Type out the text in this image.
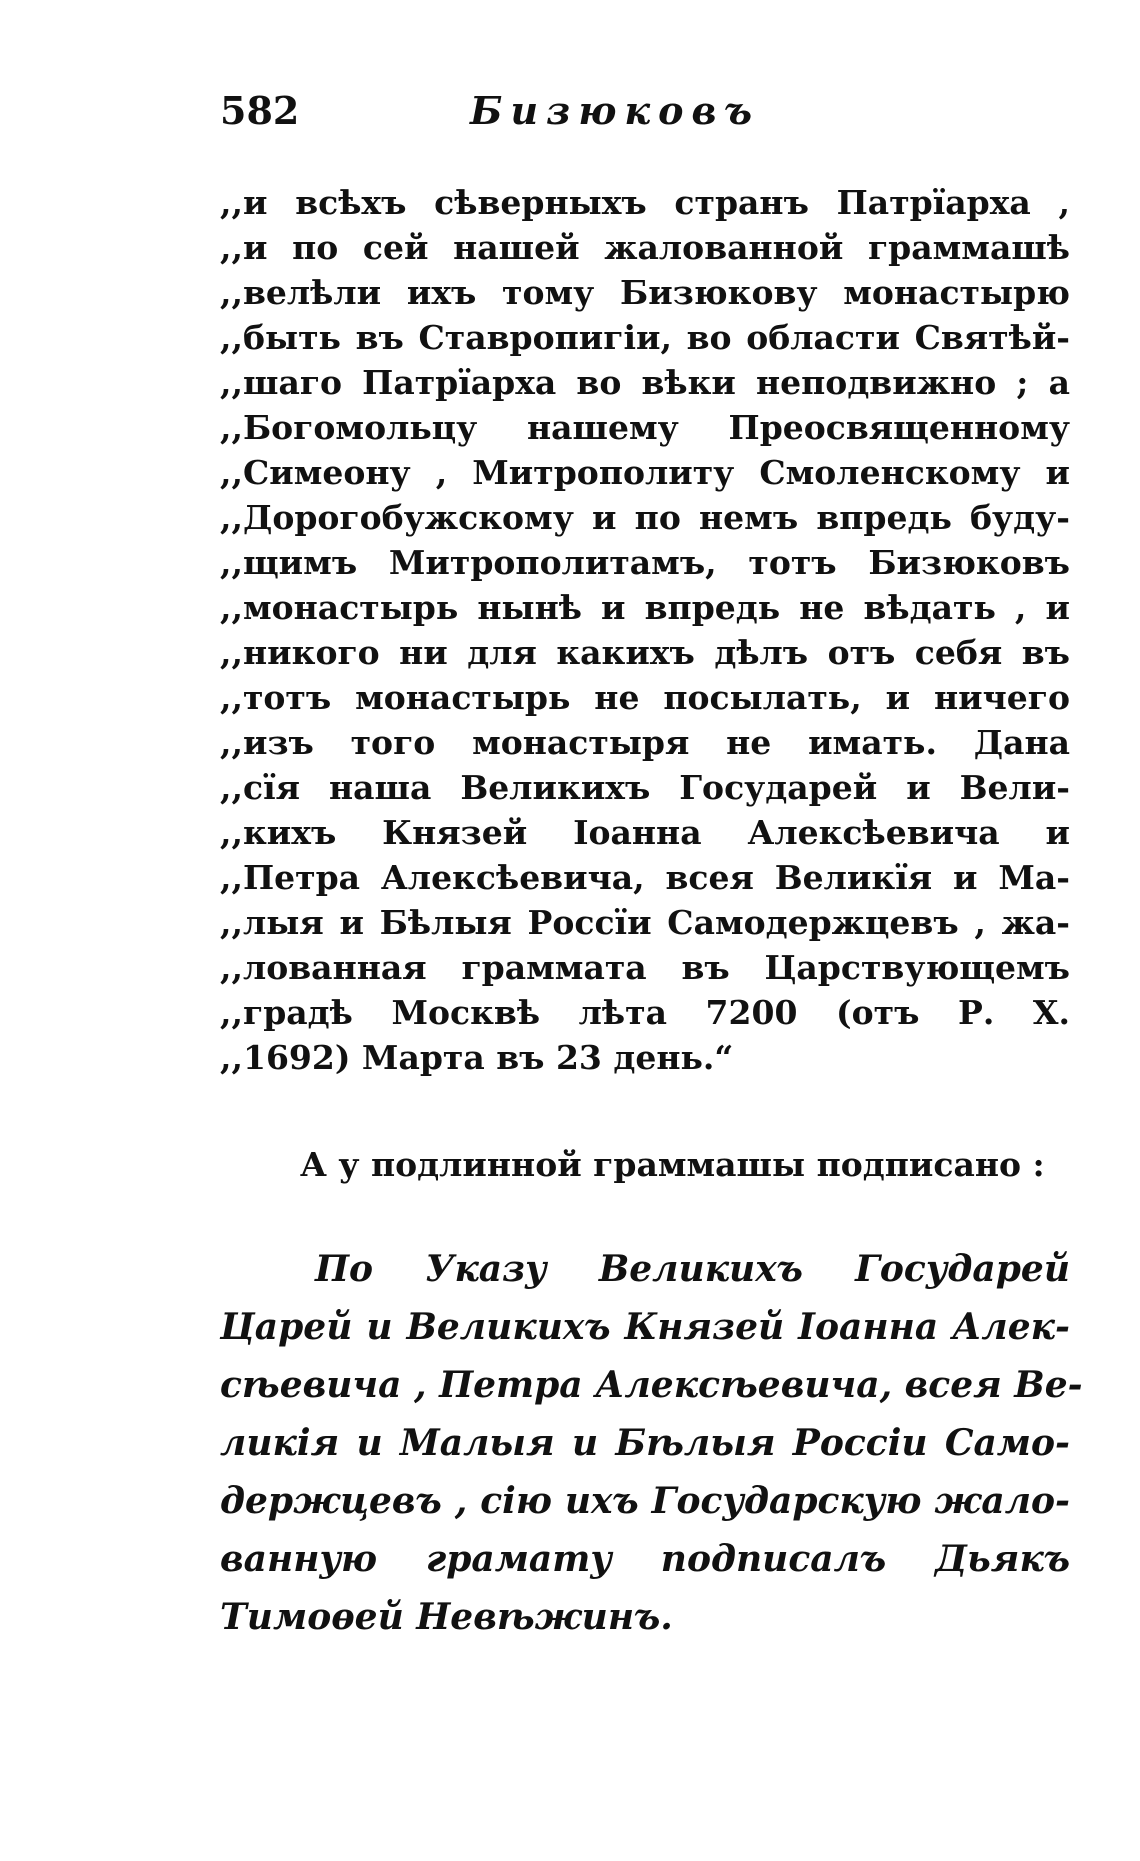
582	Бизюковъ
,,и всѣхъ сѣверныхъ странъ Патрїарха ,
,,и по сей нашей жалованной граммашѣ
,,велѣли ихъ тому Бизюкову монастырю
,,быть въ Ставропигіи, во области Святѣй-
,,шаго Патрїарха во вѣки неподвижно ; а
,,Богомольцу нашему Преосвященному
,,Симеону , Митрополиту Смоленскому и
,,Дорогобужскому и по немъ впредь буду-
,,щимъ Митрополитамъ, тотъ Бизюковъ
,,монастырь нынѣ и впредь не вѣдать , и
,,никого ни для какихъ дѣлъ отъ себя въ
,,тотъ монастырь не посылать, и ничего
,,изъ того монастыря не имать. Дана
,,сїя наша Великихъ Государей и Вели-
,,кихъ Князей Іоанна Алексѣевича и
,,Петра Алексѣевича, всея Великїя и Ма-
,,лыя и Бѣлыя Россїи Самодержцевъ , жа-
,,лованная граммата въ Царствующемъ
,,градѣ Москвѣ лѣта 7200 (отъ Р. Х.
,,1692) Марта въ 23 день.“
А у подлинной граммашы подписано :
По Указу Великихъ Государей
Царей и Великихъ Князей Іоанна Алек-
сѣевича , Петра Алексѣевича, всея Ве-
ликія и Малыя и Бѣлыя Россіи Само-
держцевъ , сію ихъ Государскую жало-
ванную грамату подписалъ Дьякъ
Тимоѳей Невѣжинъ.
